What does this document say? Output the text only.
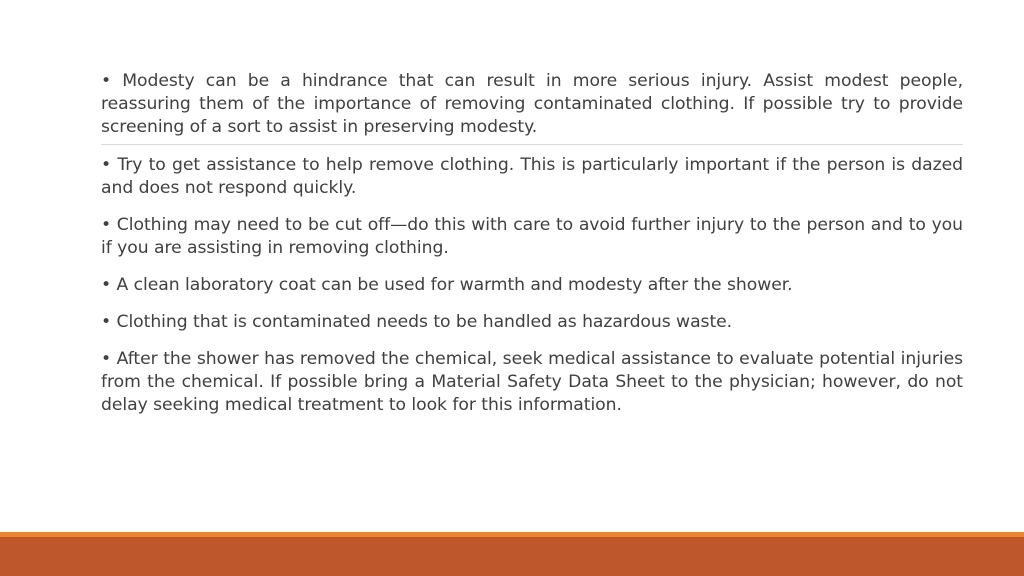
• Modesty can be a hindrance that can result in more serious injury. Assist modest people, reassuring them of the importance of removing contaminated clothing. If possible try to provide screening of a sort to assist in preserving modesty.

• Try to get assistance to help remove clothing. This is particularly important if the person is dazed and does not respond quickly.

• Clothing may need to be cut off—do this with care to avoid further injury to the person and to you if you are assisting in removing clothing.

• A clean laboratory coat can be used for warmth and modesty after the shower.

• Clothing that is contaminated needs to be handled as hazardous waste.

• After the shower has removed the chemical, seek medical assistance to evaluate potential injuries from the chemical. If possible bring a Material Safety Data Sheet to the physician; however, do not delay seeking medical treatment to look for this information.
